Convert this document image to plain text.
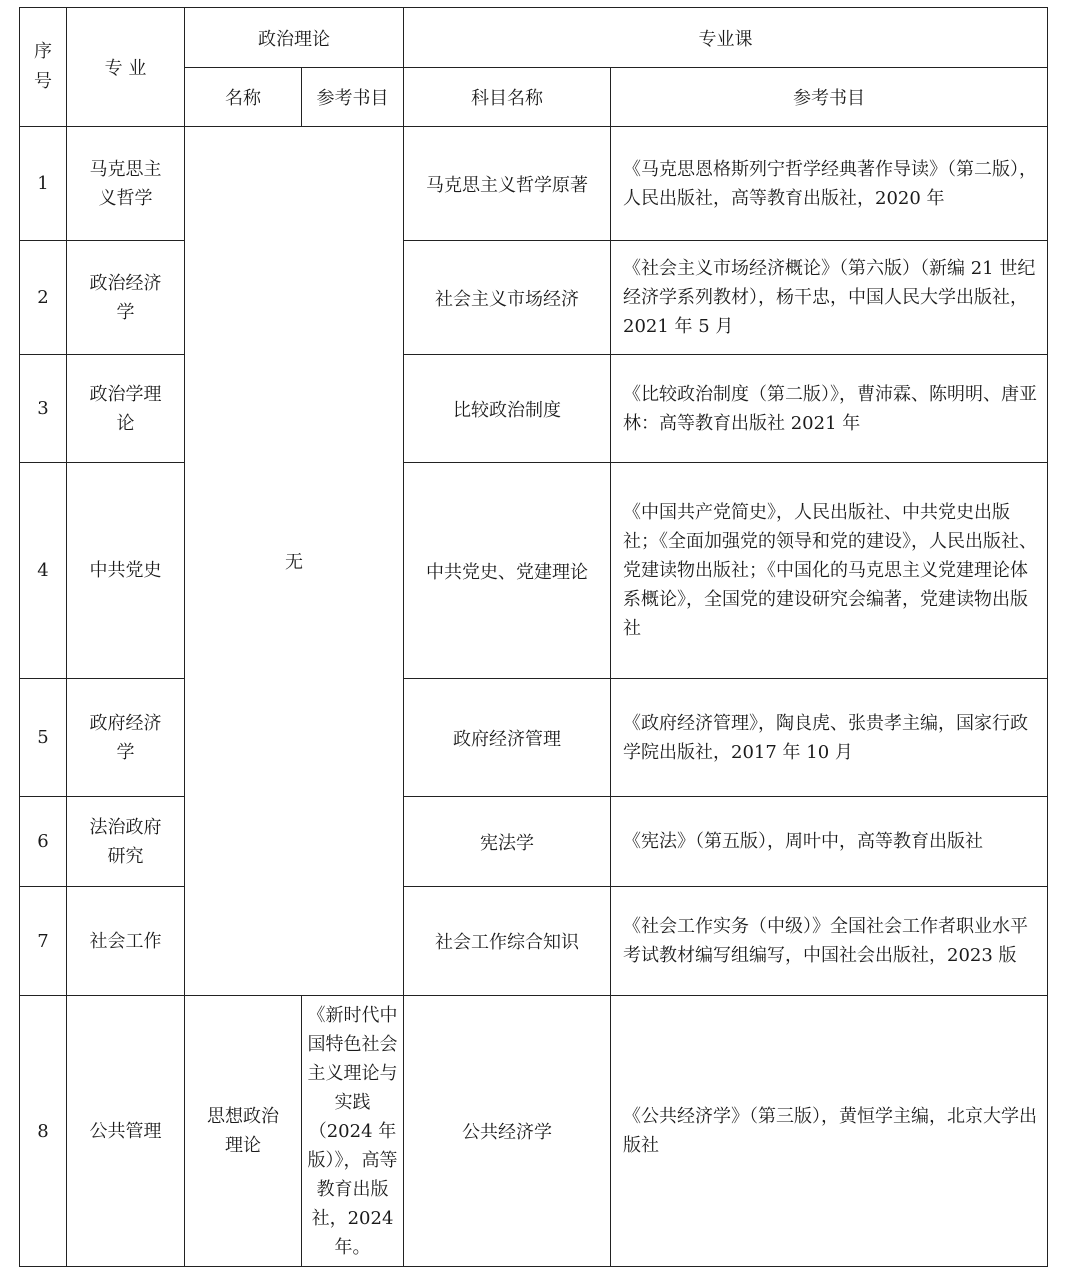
序号	专 业	政治理论		专业课	
		名称	参考书目	科目名称	参考书目
1	马克思主义哲学	无		马克思主义哲学原著	《马克思恩格斯列宁哲学经典著作导读》（第二版），人民出版社，高等教育出版社，2020 年
2	政治经济学			社会主义市场经济	《社会主义市场经济概论》（第六版）（新编 21 世纪经济学系列教材），杨干忠，中国人民大学出版社，2021 年 5 月
3	政治学理论			比较政治制度	《比较政治制度（第二版）》，曹沛霖、陈明明、唐亚林：高等教育出版社 2021 年
4	中共党史			中共党史、党建理论	《中国共产党简史》，人民出版社、中共党史出版社；《全面加强党的领导和党的建设》，人民出版社、党建读物出版社；《中国化的马克思主义党建理论体系概论》，全国党的建设研究会编著，党建读物出版社
5	政府经济学			政府经济管理	《政府经济管理》，陶良虎、张贵孝主编，国家行政学院出版社，2017 年 10 月
6	法治政府研究			宪法学	《宪法》（第五版），周叶中，高等教育出版社
7	社会工作			社会工作综合知识	《社会工作实务（中级）》全国社会工作者职业水平考试教材编写组编写，中国社会出版社，2023 版
8	公共管理	思想政治理论	《新时代中国特色社会主义理论与实践（2024 年版）》，高等教育出版社，2024 年。	公共经济学	《公共经济学》（第三版），黄恒学主编，北京大学出版社
